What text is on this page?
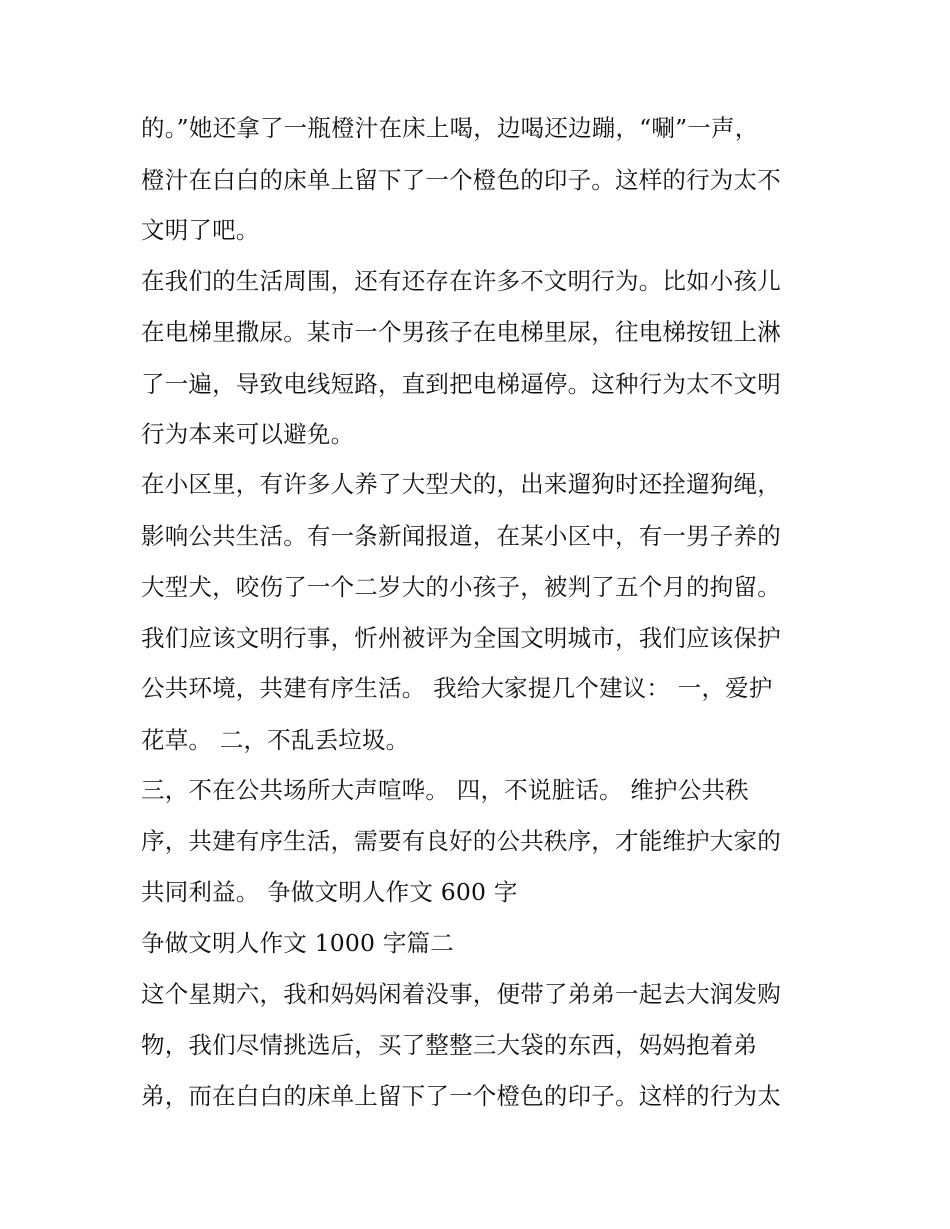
的。”她还拿了一瓶橙汁在床上喝，边喝还边蹦，“唰”一声，
橙汁在白白的床单上留下了一个橙色的印子。这样的行为太不
文明了吧。
在我们的生活周围，还有还存在许多不文明行为。比如小孩儿
在电梯里撒尿。某市一个男孩子在电梯里尿，往电梯按钮上淋
了一遍，导致电线短路，直到把电梯逼停。这种行为太不文明
行为本来可以避免。
在小区里，有许多人养了大型犬的，出来遛狗时还拴遛狗绳，
影响公共生活。有一条新闻报道，在某小区中，有一男子养的
大型犬，咬伤了一个二岁大的小孩子，被判了五个月的拘留。
我们应该文明行事，忻州被评为全国文明城市，我们应该保护
公共环境，共建有序生活。 我给大家提几个建议： 一，爱护
花草。 二，不乱丢垃圾。
三，不在公共场所大声喧哗。 四，不说脏话。 维护公共秩
序，共建有序生活，需要有良好的公共秩序，才能维护大家的
共同利益。 争做文明人作文 600 字
争做文明人作文 1000 字篇二
这个星期六，我和妈妈闲着没事，便带了弟弟一起去大润发购
物，我们尽情挑选后，买了整整三大袋的东西，妈妈抱着弟
弟，而在白白的床单上留下了一个橙色的印子。这样的行为太
